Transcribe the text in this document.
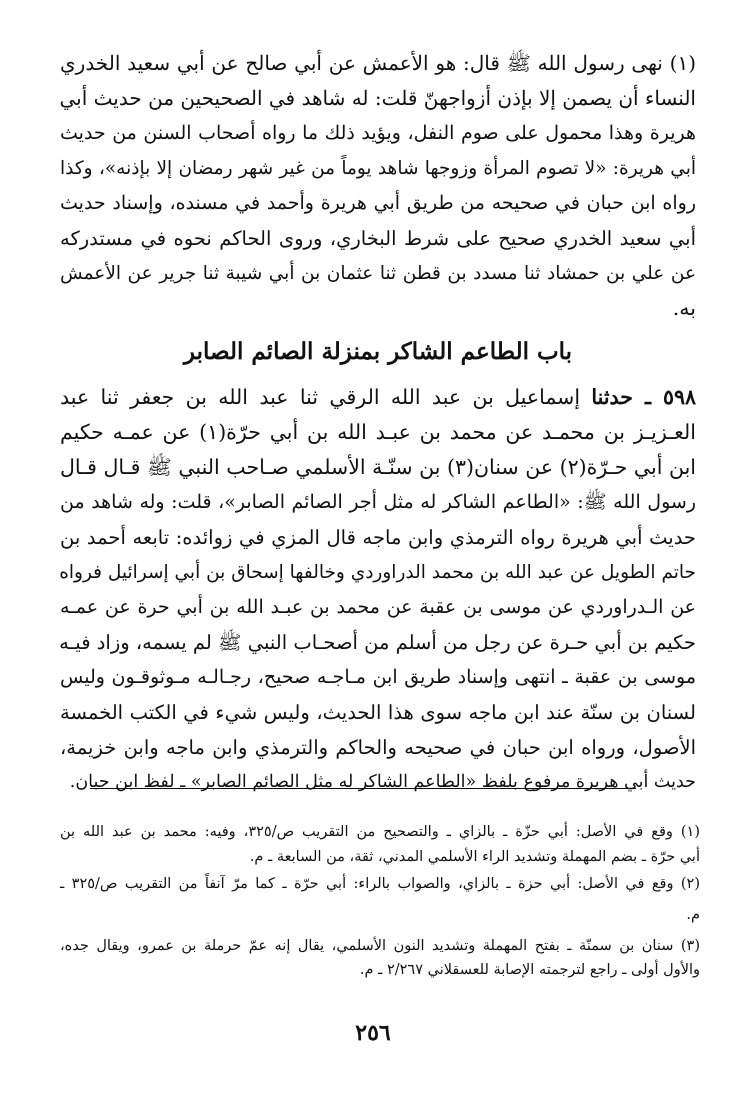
(١) نهى رسول الله ﷺ قال: هو الأعمش عن أبي صالح عن أبي سعيد الخدري
النساء أن يصمن إلا بإذن أزواجهنّ قلت: له شاهد في الصحيحين من حديث أبي
هريرة وهذا محمول على صوم النفل، ويؤيد ذلك ما رواه أصحاب السنن من حديث
أبي هريرة: «لا تصوم المرأة وزوجها شاهد يوماً من غير شهر رمضان إلا بإذنه»، وكذا
رواه ابن حبان في صحيحه من طريق أبي هريرة وأحمد في مسنده، وإسناد حديث
أبي سعيد الخدري صحيح على شرط البخاري، وروى الحاكم نحوه في مستدركه
عن علي بن حمشاد ثنا مسدد بن قطن ثنا عثمان بن أبي شيبة ثنا جرير عن الأعمش
به.
باب الطاعم الشاكر بمنزلة الصائم الصابر
٥٩٨ ـ حدثنا إسماعيل بن عبد الله الرقي ثنا عبد الله بن جعفر ثنا عبد
العـزيـز بن محمـد عن محمد بن عبـد الله بن أبي حرّة(١) عن عمـه حكيم
ابن أبي حـرّة(٢) عن سنان(٣) بن سنّـة الأسلمي صـاحب النبي ﷺ قـال قـال
رسول الله ﷺ: «الطاعم الشاكر له مثل أجر الصائم الصابر»، قلت: وله شاهد من
حديث أبي هريرة رواه الترمذي وابن ماجه قال المزي في زوائده: تابعه أحمد بن
حاتم الطويل عن عبد الله بن محمد الدراوردي وخالفها إسحاق بن أبي إسرائيل فرواه
عن الـدراوردي عن موسى بن عقبة عن محمد بن عبـد الله بن أبي حرة عن عمـه
حكيم بن أبي حـرة عن رجل من أسلم من أصحـاب النبي ﷺ لم يسمه، وزاد فيـه
موسى بن عقبة ـ انتهى وإسناد طريق ابن مـاجـه صحيح، رجـالـه مـوثوقـون وليس
لسنان بن سنّة عند ابن ماجه سوى هذا الحديث، وليس شيء في الكتب الخمسة
الأصول، ورواه ابن حبان في صحيحه والحاكم والترمذي وابن ماجه وابن خزيمة،
حديث أبي هريرة مرفوع بلفظ «الطاعم الشاكر له مثل الصائم الصابر» ـ لفظ ابن حبان.
(١) وقع في الأصل: أبي حزّة ـ بالزاي ـ والتصحيح من التقريب ص/٣٢٥، وفيه: محمد بن عبد الله بن
أبي حرّة ـ بضم المهملة وتشديد الراء الأسلمي المدني، ثقة، من السابعة ـ م.
(٢) وقع في الأصل: أبي حزة ـ بالزاي، والصواب بالراء: أبي حرّة ـ كما مرّ آنفاً من التقريب ص/٣٢٥ ـ
م.
(٣) سنان بن سمنّة ـ بفتح المهملة وتشديد النون الأسلمي، يقال إنه عمّ حرملة بن عمرو، ويقال جده،
والأول أولى ـ راجع لترجمته الإصابة للعسقلاني ٢/٢٦٧ ـ م.
٢٥٦
